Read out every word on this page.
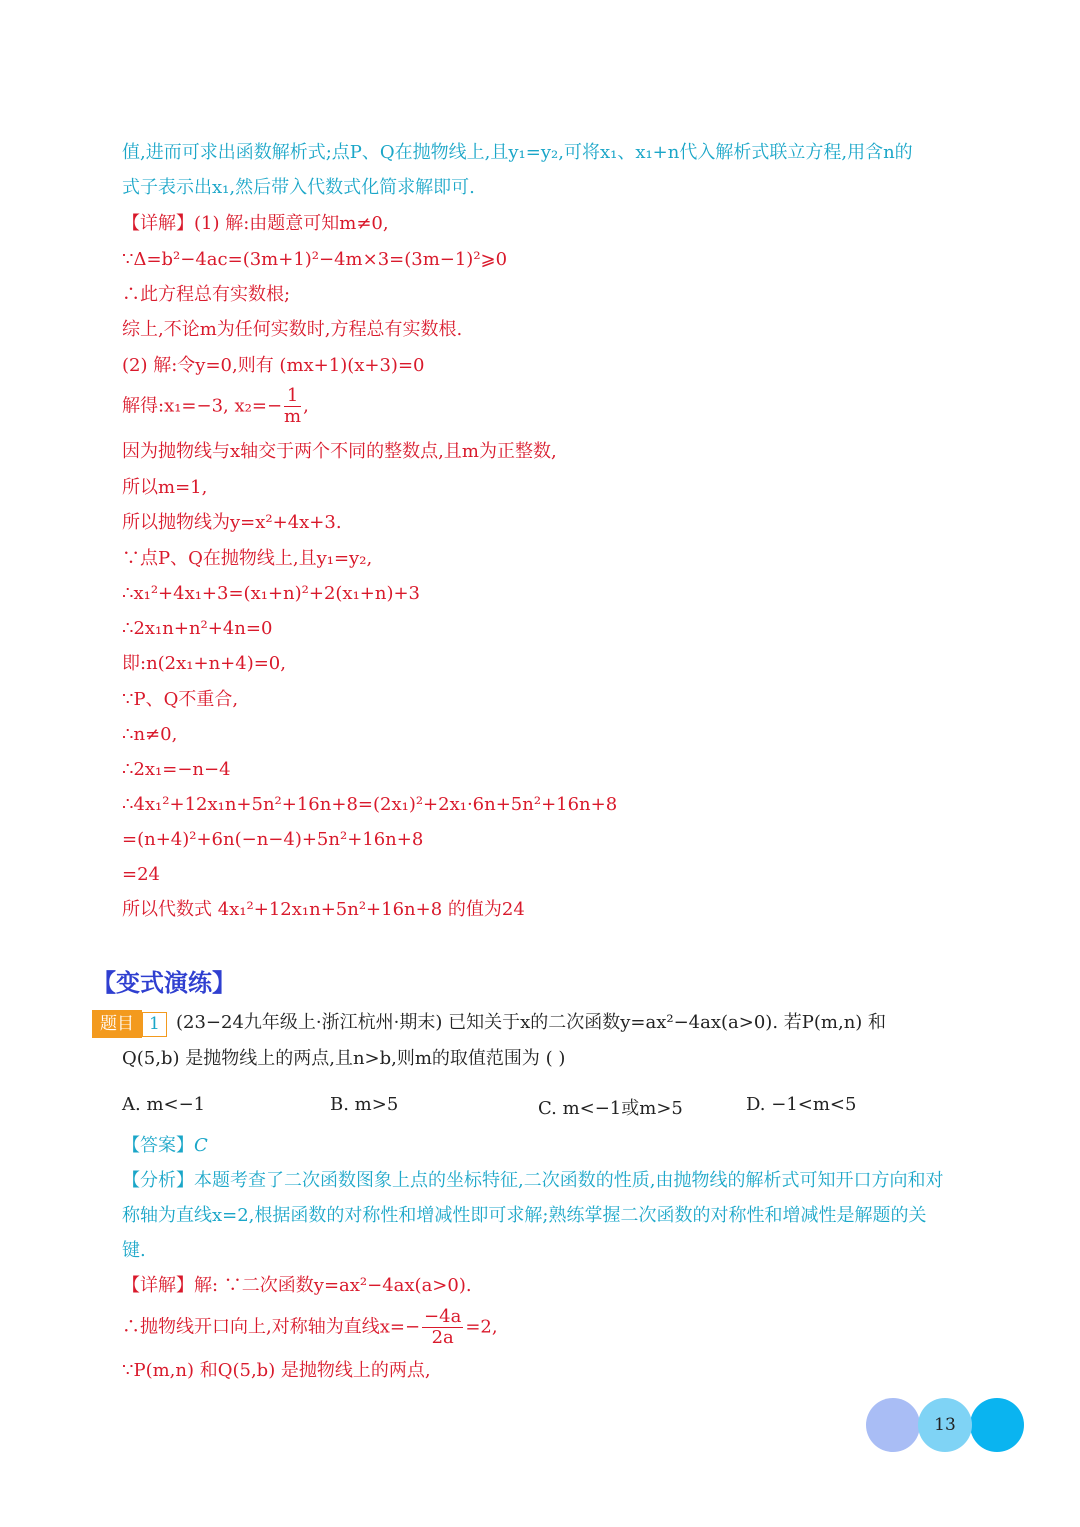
值,进而可求出函数解析式;点P、Q在抛物线上,且y₁=y₂,可将x₁、x₁+n代入解析式联立方程,用含n的
式子表示出x₁,然后带入代数式化简求解即可.
【详解】(1) 解:由题意可知m≠0,
∵Δ=b²−4ac=(3m+1)²−4m×3=(3m−1)²⩾0
∴此方程总有实数根;
综上,不论m为任何实数时,方程总有实数根.
(2) 解:令y=0,则有 (mx+1)(x+3)=0
解得:x₁=−3, $x_2=- \frac{1}{m}$ ,
因为抛物线与x轴交于两个不同的整数点,且m为正整数,
所以m=1,
所以抛物线为y=x²+4x+3.
∵点P、Q在抛物线上,且y₁=y₂,
∴x₁²+4x₁+3=(x₁+n)²+2(x₁+n)+3
∴2x₁n+n²+4n=0
即:n(2x₁+n+4)=0,
∵P、Q不重合,
∴n≠0,
∴2x₁=−n−4
∴4x₁²+12x₁n+5n²+16n+8=(2x₁)²+2x₁·6n+5n²+16n+8
=(n+4)²+6n(−n−4)+5n²+16n+8
=24
所以代数式 4x₁²+12x₁n+5n²+16n+8 的值为24
【变式演练】
题目 1 (23−24九年级上·浙江杭州·期末) 已知关于x的二次函数y=ax²−4ax(a>0). 若P(m,n) 和
Q(5,b) 是抛物线上的两点,且n>b,则m的取值范围为 ( )
A. m<−1	B. m>5	C. m<−1或m>5	D. −1<m<5
【答案】C
【分析】本题考查了二次函数图象上点的坐标特征,二次函数的性质,由抛物线的解析式可知开口方向和对
称轴为直线x=2,根据函数的对称性和增减性即可求解;熟练掌握二次函数的对称性和增减性是解题的关
键.
【详解】解: ∵二次函数y=ax²−4ax(a>0).
∴抛物线开口向上,对称轴为直线$x=- \frac{-4a}{2a} =2$,
∵P(m,n) 和Q(5,b) 是抛物线上的两点,
13
